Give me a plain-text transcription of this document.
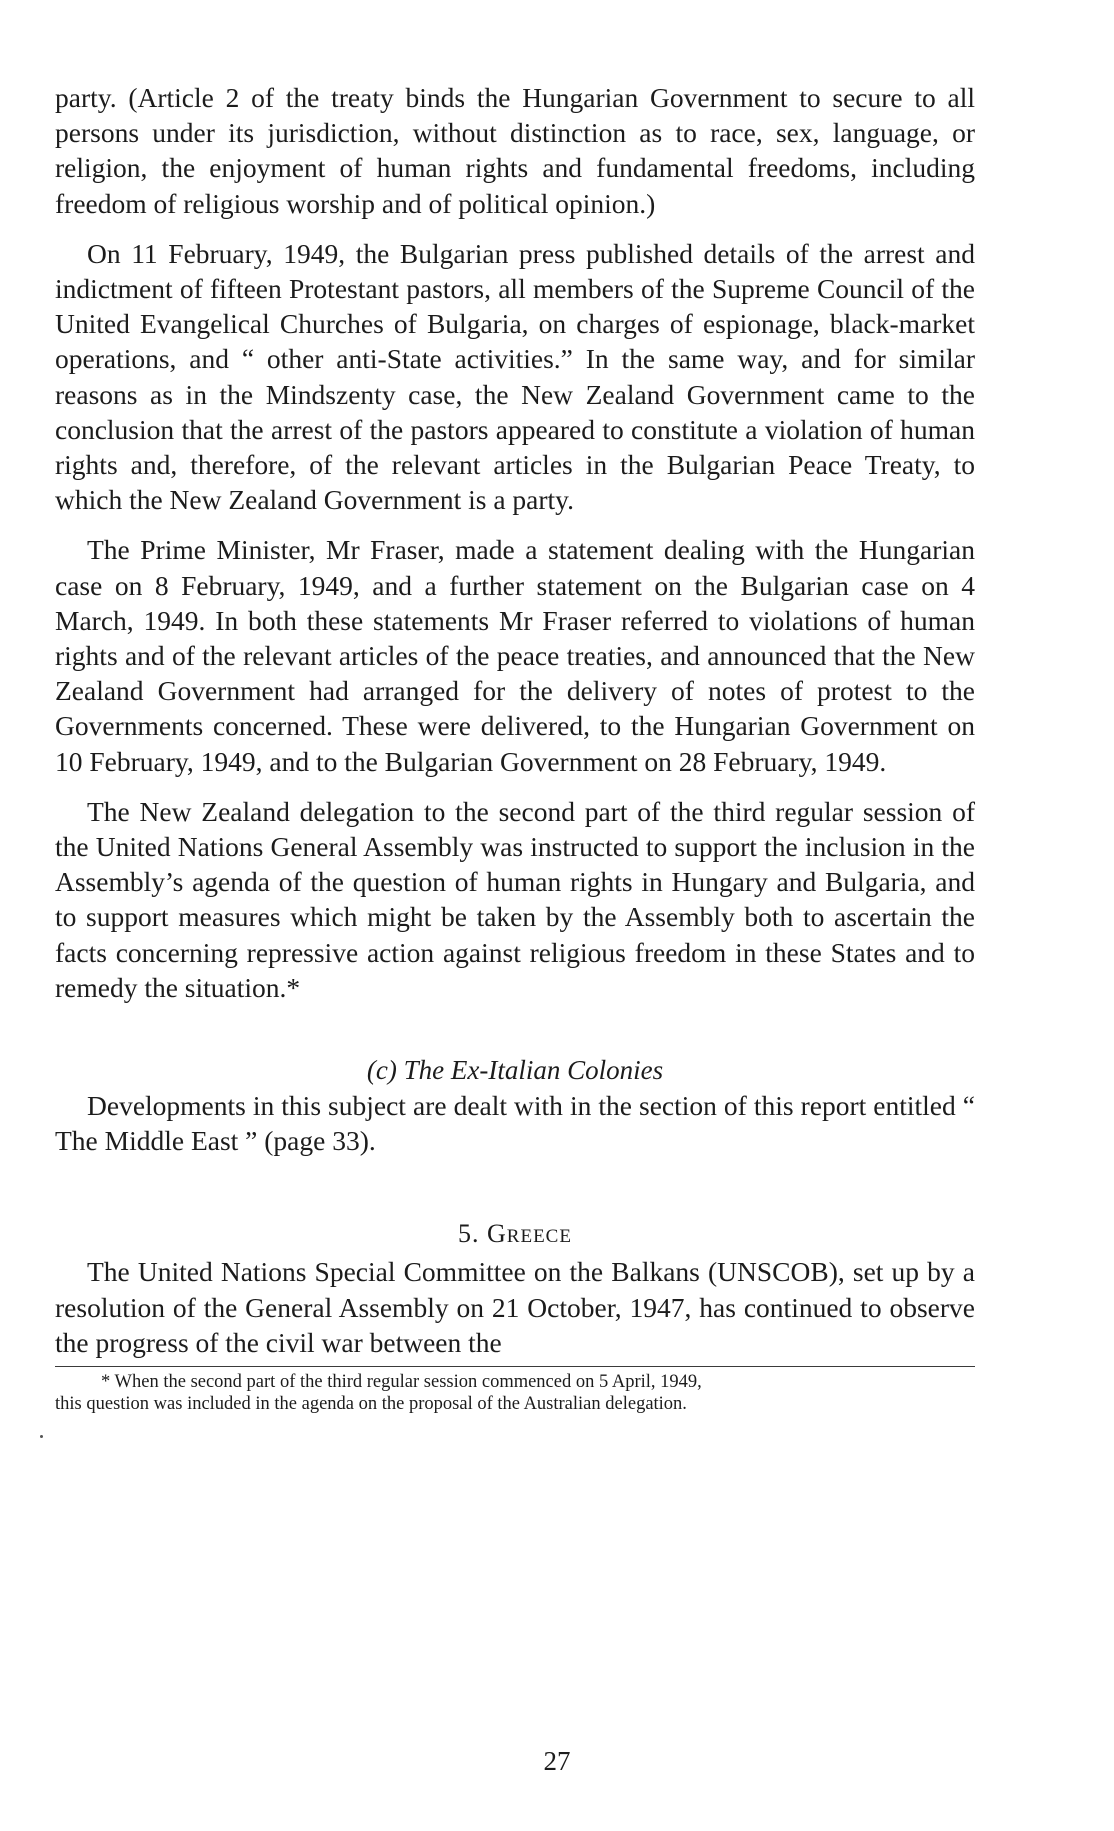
party. (Article 2 of the treaty binds the Hungarian Government to secure to all persons under its jurisdiction, without distinction as to race, sex, language, or religion, the enjoyment of human rights and fundamental freedoms, including freedom of religious worship and of political opinion.)

On 11 February, 1949, the Bulgarian press published details of the arrest and indictment of fifteen Protestant pastors, all members of the Supreme Council of the United Evangelical Churches of Bulgaria, on charges of espionage, black-market operations, and “ other anti-State activities.” In the same way, and for similar reasons as in the Mindszenty case, the New Zealand Government came to the conclusion that the arrest of the pastors appeared to constitute a violation of human rights and, therefore, of the relevant articles in the Bulgarian Peace Treaty, to which the New Zealand Government is a party.

The Prime Minister, Mr Fraser, made a statement dealing with the Hungarian case on 8 February, 1949, and a further statement on the Bulgarian case on 4 March, 1949. In both these statements Mr Fraser referred to violations of human rights and of the relevant articles of the peace treaties, and announced that the New Zealand Government had arranged for the delivery of notes of protest to the Governments concerned. These were delivered, to the Hungarian Government on 10 February, 1949, and to the Bulgarian Government on 28 February, 1949.

The New Zealand delegation to the second part of the third regular session of the United Nations General Assembly was instructed to support the inclusion in the Assembly’s agenda of the question of human rights in Hungary and Bulgaria, and to support measures which might be taken by the Assembly both to ascertain the facts concerning repressive action against religious freedom in these States and to remedy the situation.*

(c) The Ex-Italian Colonies

Developments in this subject are dealt with in the section of this report entitled “ The Middle East ” (page 33).

5. GREECE

The United Nations Special Committee on the Balkans (UNSCOB), set up by a resolution of the General Assembly on 21 October, 1947, has continued to observe the progress of the civil war between the

* When the second part of the third regular session commenced on 5 April, 1949,
this question was included in the agenda on the proposal of the Australian delegation.
27
